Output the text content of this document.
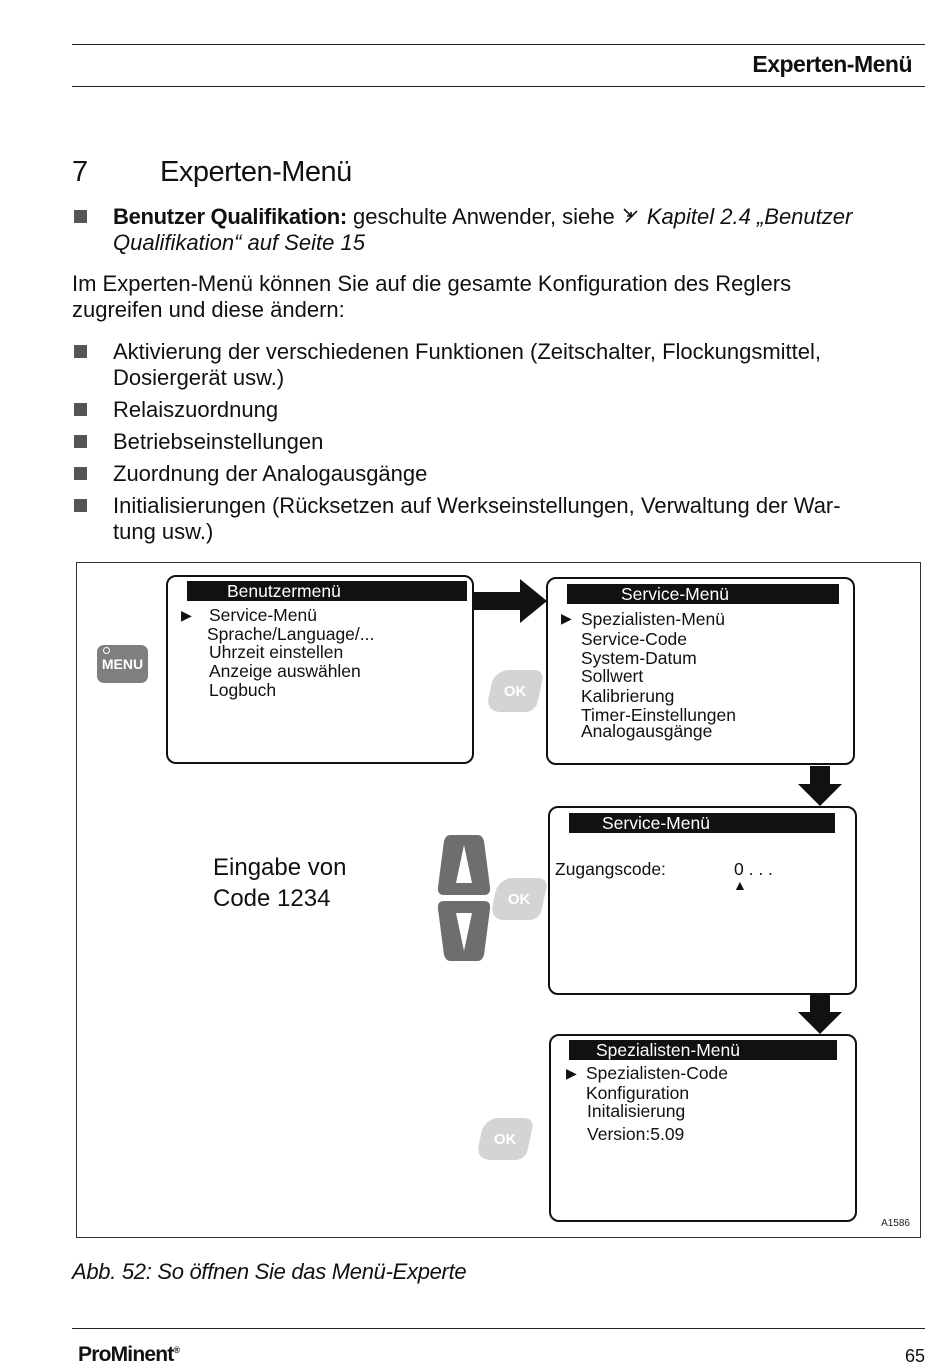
Experten-Menü
7 Experten-Menü
Benutzer Qualifikation: geschulte Anwender, siehe Kapitel 2.4 „Benutzer
Qualifikation“ auf Seite 15
Im Experten-Menü können Sie auf die gesamte Konfiguration des Reglers
zugreifen und diese ändern:
Aktivierung der verschiedenen Funktionen (Zeitschalter, Flockungsmittel,
Dosiergerät usw.)
Relaiszuordnung
Betriebseinstellungen
Zuordnung der Analogausgänge
Initialisierungen (Rücksetzen auf Werkseinstellungen, Verwaltung der War-
tung usw.)
A1586
MENU
Benutzermenü
▶ Service-Menü
Sprache/Language/...
Uhrzeit einstellen
Anzeige auswählen
Logbuch
Service-Menü
▶ Spezialisten-Menü
Service-Code
System-Datum
Sollwert
Kalibrierung
Timer-Einstellungen
Analogausgänge
Service-Menü
Zugangscode:	0 . . .
▲
Spezialisten-Menü
▶ Spezialisten-Code
Konfiguration
Initalisierung
Version:5.09
OK
OK
OK
Eingabe von
Code 1234
Abb. 52: So öffnen Sie das Menü-Experte
ProMinent®	65
